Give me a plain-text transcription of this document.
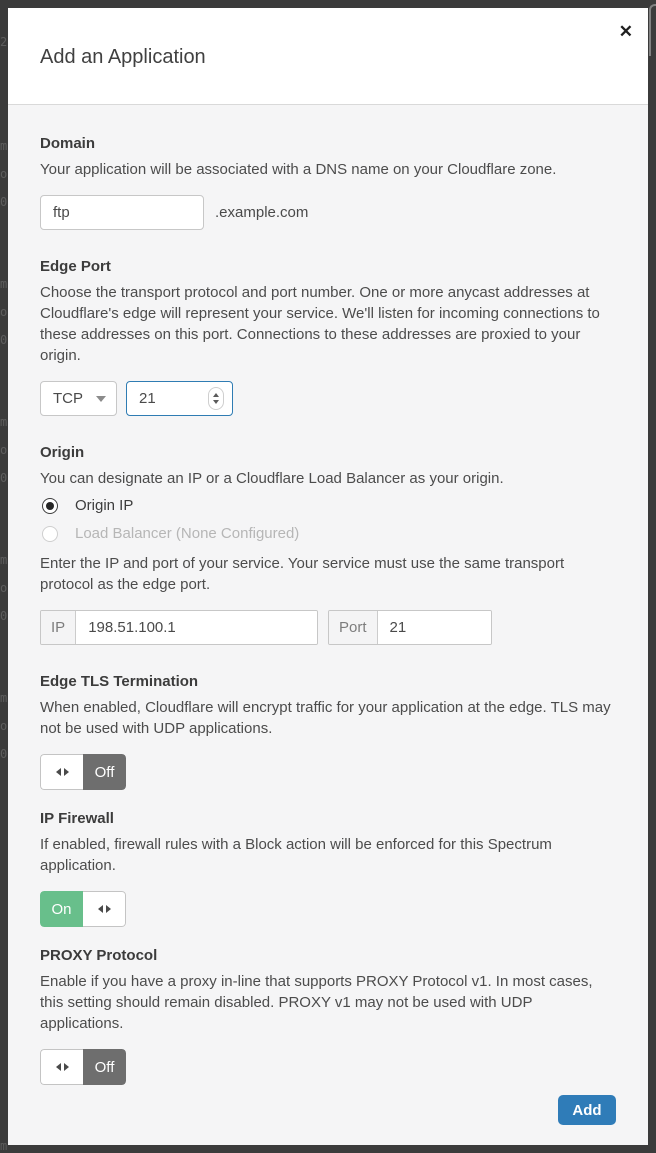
2
m
o
0
m
o
0
m
o
0
m
o
0
m
o
0
m
Add an Application
✕
Domain
Your application will be associated with a DNS name on your Cloudflare zone.
ftp
.example.com
Edge Port
Choose the transport protocol and port number. One or more anycast addresses at Cloudflare's edge will represent your service. We'll listen for incoming connections to these addresses on this port. Connections to these addresses are proxied to your origin.
TCP
21
Origin
You can designate an IP or a Cloudflare Load Balancer as your origin.
Origin IP
Load Balancer (None Configured)
Enter the IP and port of your service. Your service must use the same transport protocol as the edge port.
IP
198.51.100.1	Port
21
Edge TLS Termination
When enabled, Cloudflare will encrypt traffic for your application at the edge. TLS may not be used with UDP applications.
Off
IP Firewall
If enabled, firewall rules with a Block action will be enforced for this Spectrum application.
On
PROXY Protocol
Enable if you have a proxy in-line that supports PROXY Protocol v1. In most cases, this setting should remain disabled. PROXY v1 may not be used with UDP applications.
Off
Add
